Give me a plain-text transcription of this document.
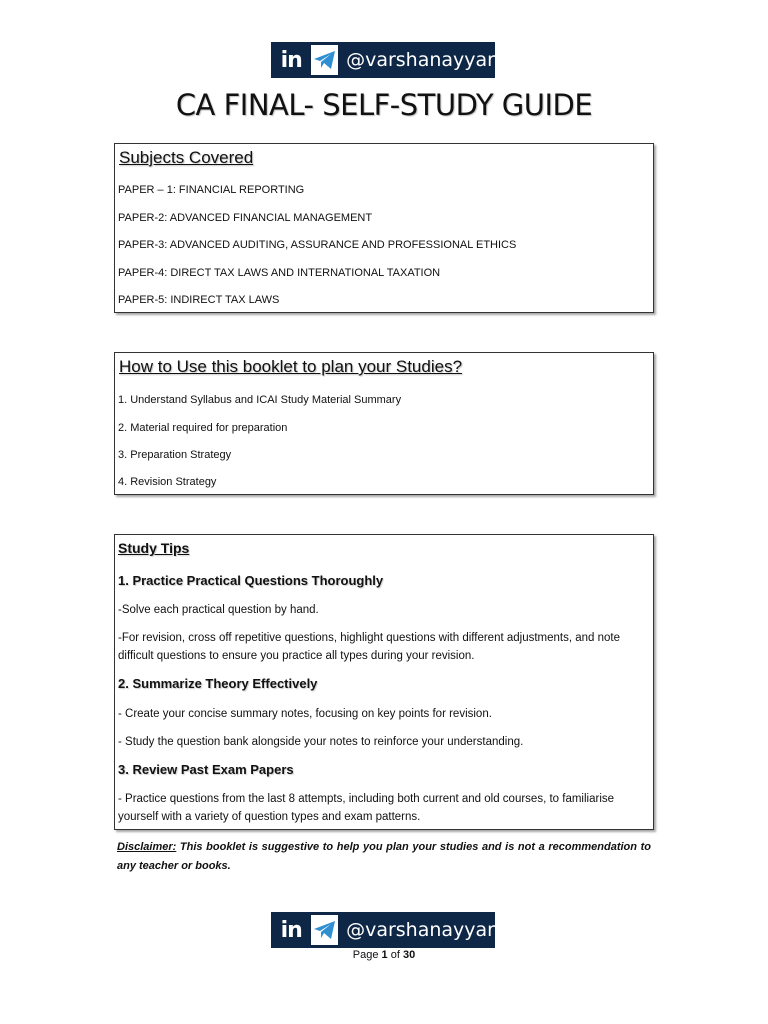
in @varshanayyar
CA FINAL- SELF-STUDY GUIDE
Subjects Covered
PAPER – 1: FINANCIAL REPORTING
PAPER-2: ADVANCED FINANCIAL MANAGEMENT
PAPER-3: ADVANCED AUDITING, ASSURANCE AND PROFESSIONAL ETHICS
PAPER-4: DIRECT TAX LAWS AND INTERNATIONAL TAXATION
PAPER-5: INDIRECT TAX LAWS
How to Use this booklet to plan your Studies?
1. Understand Syllabus and ICAI Study Material Summary
2. Material required for preparation
3. Preparation Strategy
4. Revision Strategy
Study Tips
1. Practice Practical Questions Thoroughly
-Solve each practical question by hand.
-For revision, cross off repetitive questions, highlight questions with different adjustments, and note difficult questions to ensure you practice all types during your revision.
2. Summarize Theory Effectively
- Create your concise summary notes, focusing on key points for revision.
- Study the question bank alongside your notes to reinforce your understanding.
3. Review Past Exam Papers
- Practice questions from the last 8 attempts, including both current and old courses, to familiarise yourself with a variety of question types and exam patterns.
Disclaimer: This booklet is suggestive to help you plan your studies and is not a recommendation to any teacher or books.
in @varshanayyar
Page 1 of 30
